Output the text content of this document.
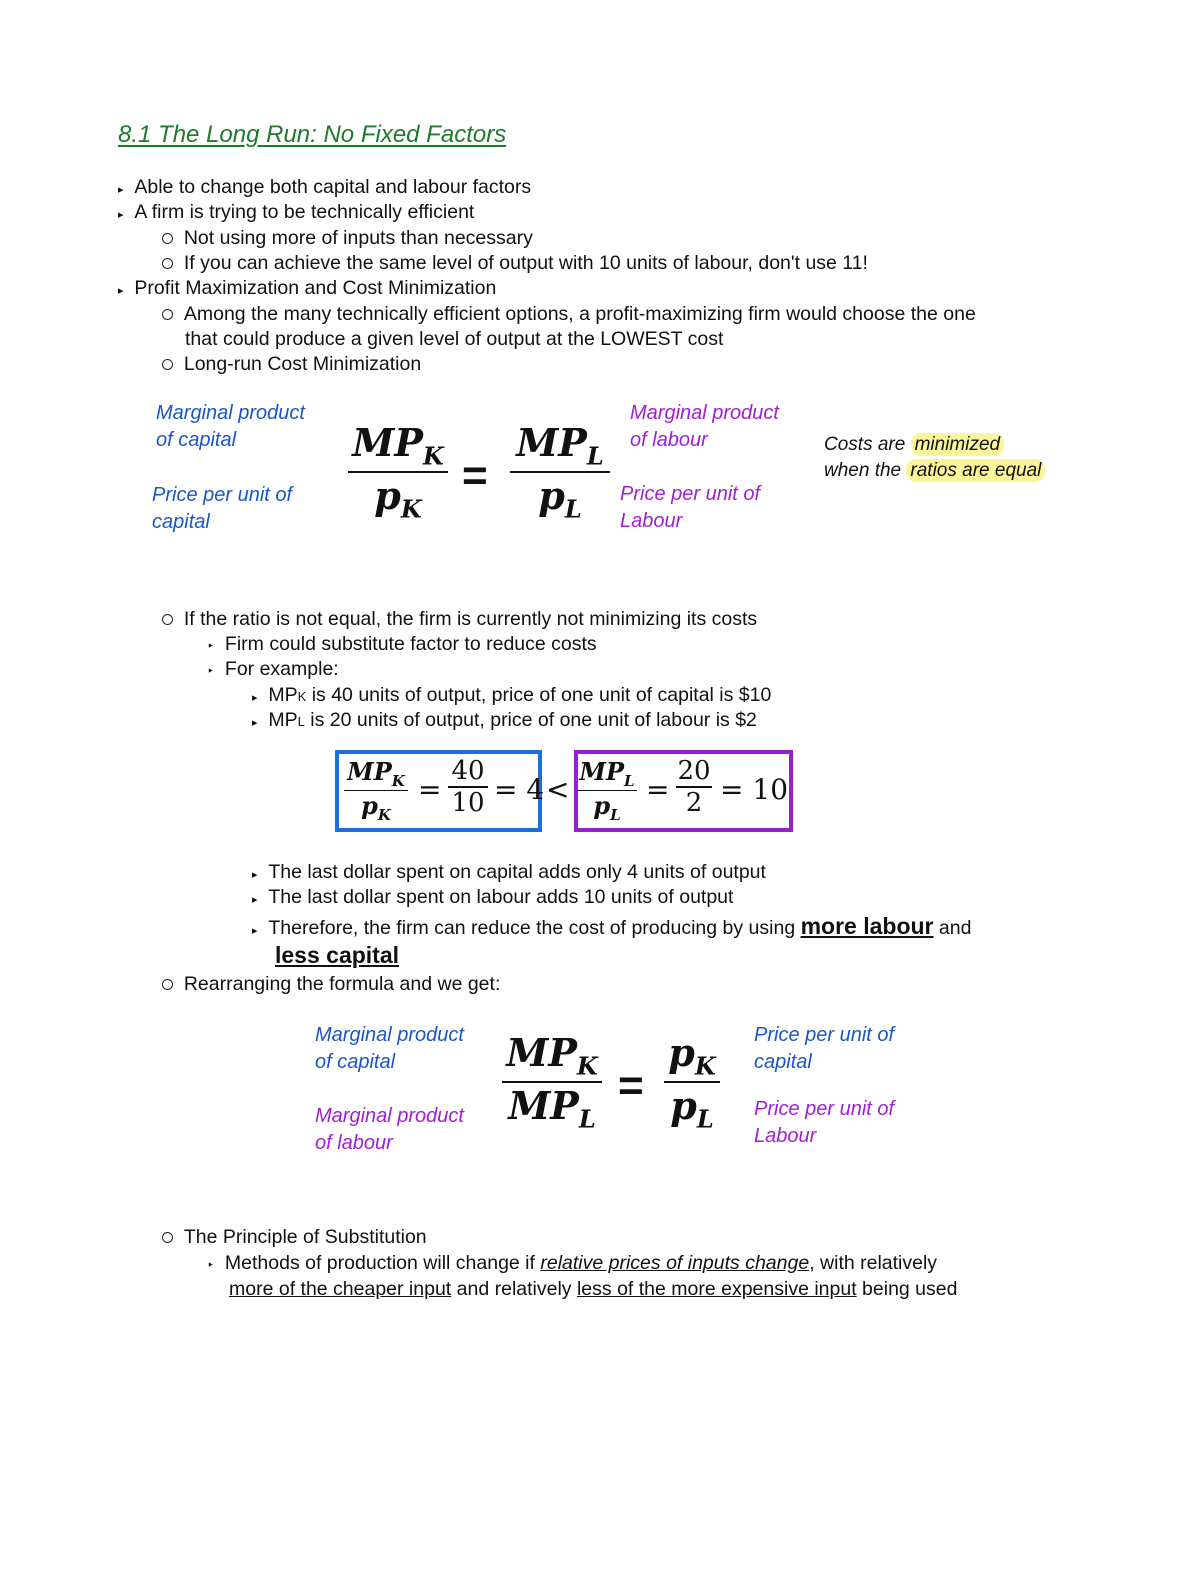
8.1 The Long Run: No Fixed Factors
▸ Able to change both capital and labour factors
▸ A firm is trying to be technically efficient
Not using more of inputs than necessary
If you can achieve the same level of output with 10 units of labour, don't use 11!
▸ Profit Maximization and Cost Minimization
Among the many technically efficient options, a profit-maximizing firm would choose the one
that could produce a given level of output at the LOWEST cost
Long-run Cost Minimization
Marginal product
of capital
Price per unit of
capital
Marginal product
of labour
Price per unit of
Labour
$MP_K$
$p_K$
=
$MP_L$
$p_L$
Costs are minimized
when the ratios are equal
If the ratio is not equal, the firm is currently not minimizing its costs
‣ Firm could substitute factor to reduce costs
‣ For example:
▸ MPK is 40 units of output, price of one unit of capital is $10
▸ MPL is 20 units of output, price of one unit of labour is $2
$MP_K$
$p_K$
=
40
10 = 4 <
$MP_L$
$p_L$
=
20
2 = 10
▸ The last dollar spent on capital adds only 4 units of output
▸ The last dollar spent on labour adds 10 units of output
▸ Therefore, the firm can reduce the cost of producing by using more labour and
less capital
Rearranging the formula and we get:
Marginal product
of capital
Marginal product
of labour
Price per unit of
capital
Price per unit of
Labour
$MP_K$
$MP_L$
=
$p_K$
$p_L$
The Principle of Substitution
‣ Methods of production will change if relative prices of inputs change, with relatively
more of the cheaper input and relatively less of the more expensive input being used
